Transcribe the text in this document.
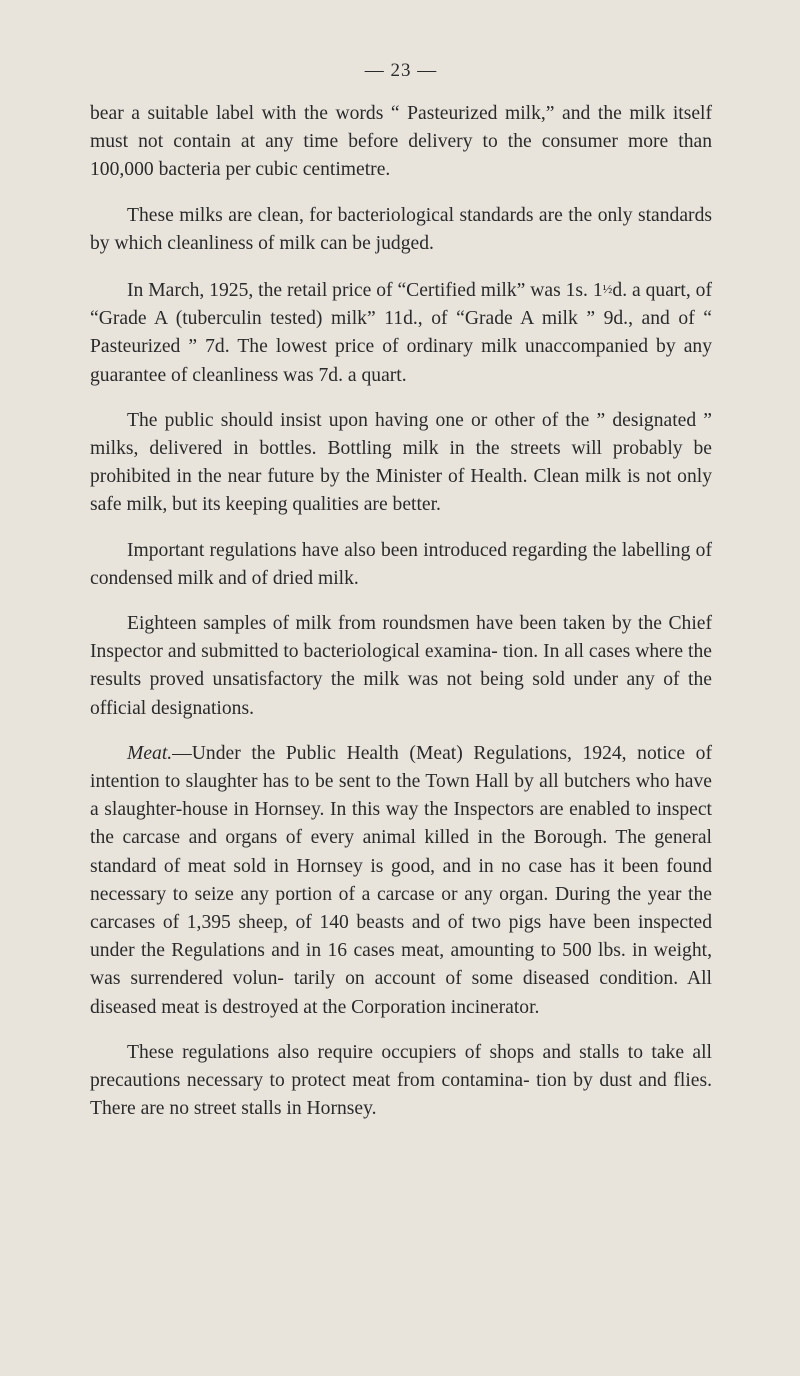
— 23 —

bear a suitable label with the words “ Pasteurized milk,” and the milk itself must not contain at any time before delivery to the consumer more than 100,000 bacteria per cubic centimetre.

These milks are clean, for bacteriological standards are the only standards by which cleanliness of milk can be judged.

In March, 1925, the retail price of “Certified milk” was 1s. 1½d. a quart, of “Grade A (tuberculin tested) milk” 11d., of “Grade A milk ” 9d., and of “ Pasteurized ” 7d. The lowest price of ordinary milk unaccompanied by any guarantee of cleanliness was 7d. a quart.

The public should insist upon having one or other of the ” designated ” milks, delivered in bottles. Bottling milk in the streets will probably be prohibited in the near future by the Minister of Health. Clean milk is not only safe milk, but its keeping qualities are better.

Important regulations have also been introduced regarding the labelling of condensed milk and of dried milk.

Eighteen samples of milk from roundsmen have been taken by the Chief Inspector and submitted to bacteriological examina- tion. In all cases where the results proved unsatisfactory the milk was not being sold under any of the official designations.

Meat.—Under the Public Health (Meat) Regulations, 1924, notice of intention to slaughter has to be sent to the Town Hall by all butchers who have a slaughter-house in Hornsey. In this way the Inspectors are enabled to inspect the carcase and organs of every animal killed in the Borough. The general standard of meat sold in Hornsey is good, and in no case has it been found necessary to seize any portion of a carcase or any organ. During the year the carcases of 1,395 sheep, of 140 beasts and of two pigs have been inspected under the Regulations and in 16 cases meat, amounting to 500 lbs. in weight, was surrendered volun- tarily on account of some diseased condition. All diseased meat is destroyed at the Corporation incinerator.

These regulations also require occupiers of shops and stalls to take all precautions necessary to protect meat from contamina- tion by dust and flies. There are no street stalls in Hornsey.
